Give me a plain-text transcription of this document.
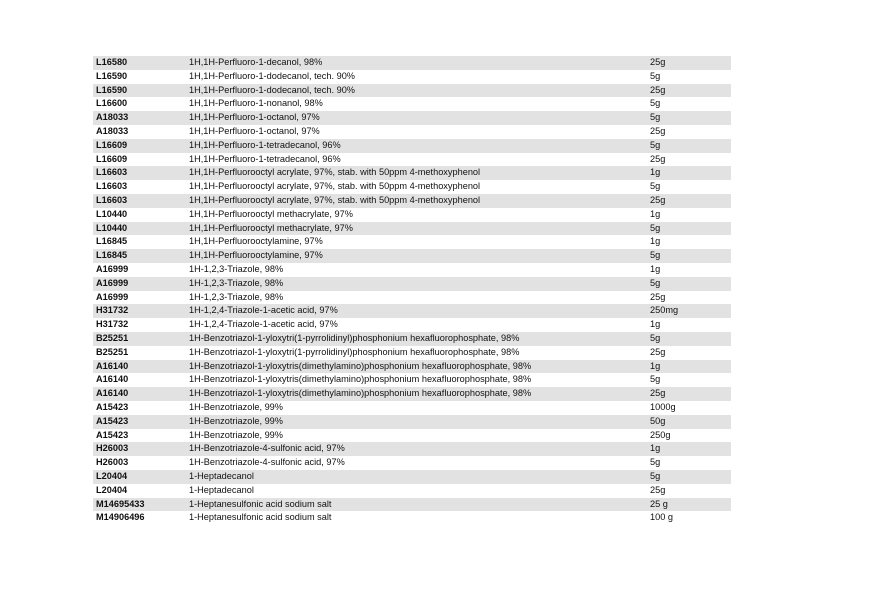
L16580	1H,1H-Perfluoro-1-decanol, 98%	25g
L16590	1H,1H-Perfluoro-1-dodecanol, tech. 90%	5g
L16590	1H,1H-Perfluoro-1-dodecanol, tech. 90%	25g
L16600	1H,1H-Perfluoro-1-nonanol, 98%	5g
A18033	1H,1H-Perfluoro-1-octanol, 97%	5g
A18033	1H,1H-Perfluoro-1-octanol, 97%	25g
L16609	1H,1H-Perfluoro-1-tetradecanol, 96%	5g
L16609	1H,1H-Perfluoro-1-tetradecanol, 96%	25g
L16603	1H,1H-Perfluorooctyl acrylate, 97%, stab. with 50ppm 4-methoxyphenol	1g
L16603	1H,1H-Perfluorooctyl acrylate, 97%, stab. with 50ppm 4-methoxyphenol	5g
L16603	1H,1H-Perfluorooctyl acrylate, 97%, stab. with 50ppm 4-methoxyphenol	25g
L10440	1H,1H-Perfluorooctyl methacrylate, 97%	1g
L10440	1H,1H-Perfluorooctyl methacrylate, 97%	5g
L16845	1H,1H-Perfluorooctylamine, 97%	1g
L16845	1H,1H-Perfluorooctylamine, 97%	5g
A16999	1H-1,2,3-Triazole, 98%	1g
A16999	1H-1,2,3-Triazole, 98%	5g
A16999	1H-1,2,3-Triazole, 98%	25g
H31732	1H-1,2,4-Triazole-1-acetic acid, 97%	250mg
H31732	1H-1,2,4-Triazole-1-acetic acid, 97%	1g
B25251	1H-Benzotriazol-1-yloxytri(1-pyrrolidinyl)phosphonium hexafluorophosphate, 98%	5g
B25251	1H-Benzotriazol-1-yloxytri(1-pyrrolidinyl)phosphonium hexafluorophosphate, 98%	25g
A16140	1H-Benzotriazol-1-yloxytris(dimethylamino)phosphonium hexafluorophosphate, 98%	1g
A16140	1H-Benzotriazol-1-yloxytris(dimethylamino)phosphonium hexafluorophosphate, 98%	5g
A16140	1H-Benzotriazol-1-yloxytris(dimethylamino)phosphonium hexafluorophosphate, 98%	25g
A15423	1H-Benzotriazole, 99%	1000g
A15423	1H-Benzotriazole, 99%	50g
A15423	1H-Benzotriazole, 99%	250g
H26003	1H-Benzotriazole-4-sulfonic acid, 97%	1g
H26003	1H-Benzotriazole-4-sulfonic acid, 97%	5g
L20404	1-Heptadecanol	5g
L20404	1-Heptadecanol	25g
M14695433	1-Heptanesulfonic acid sodium salt	25 g
M14906496	1-Heptanesulfonic acid sodium salt	100 g
